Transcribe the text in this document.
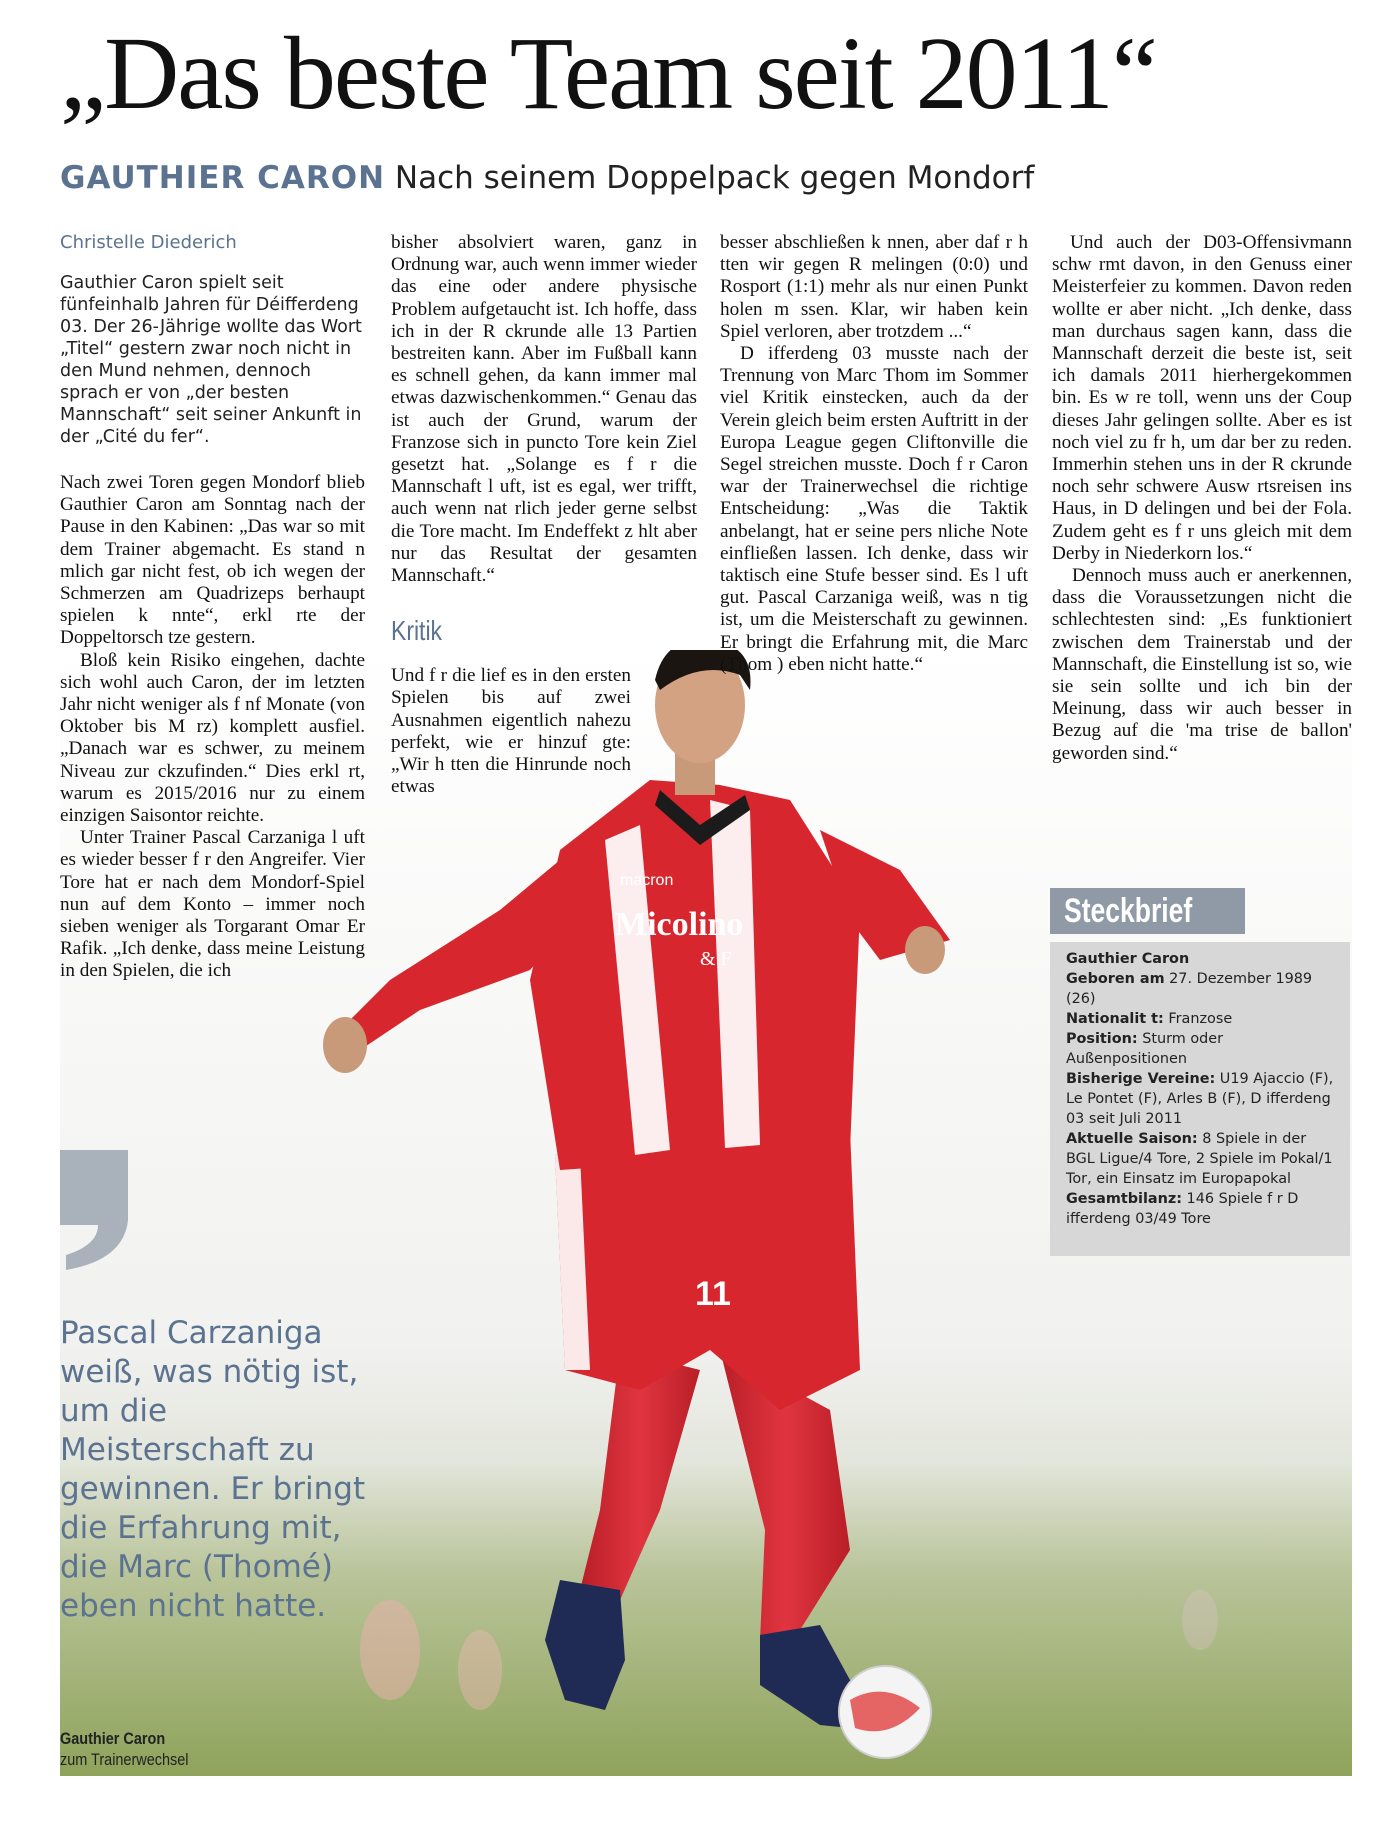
„Das beste Team seit 2011“
GAUTHIER CARON Nach seinem Doppelpack gegen Mondorf
macron
Micolino
& F
11
Christelle Diederich
Gauthier Caron spielt seit fünfeinhalb Jahren für Déifferdeng 03. Der 26-Jährige wollte das Wort „Titel“ gestern zwar noch nicht in den Mund nehmen, dennoch sprach er von „der besten Mannschaft“ seit seiner Ankunft in der „Cité du fer“.

Nach zwei Toren gegen Mondorf blieb Gauthier Caron am Sonntag nach der Pause in den Kabinen: „Das war so mit dem Trainer abgemacht. Es stand n mlich gar nicht fest, ob ich wegen der Schmerzen am Quadrizeps berhaupt spielen k nnte“, erkl rte der Doppeltorsch tze gestern.

Bloß kein Risiko eingehen, dachte sich wohl auch Caron, der im letzten Jahr nicht weniger als f nf Monate (von Oktober bis M rz) komplett ausfiel. „Danach war es schwer, zu meinem Niveau zur ckzufinden.“ Dies erkl rt, warum es 2015/2016 nur zu einem einzigen Saisontor reichte.

Unter Trainer Pascal Carzaniga l uft es wieder besser f r den Angreifer. Vier Tore hat er nach dem Mondorf-Spiel nun auf dem Konto – immer noch sieben weniger als Torgarant Omar Er Rafik. „Ich denke, dass meine Leistung in den Spielen, die ich

bisher absolviert waren, ganz in Ordnung war, auch wenn immer wieder das eine oder andere physische Problem aufgetaucht ist. Ich hoffe, dass ich in der R ckrunde alle 13 Partien bestreiten kann. Aber im Fußball kann es schnell gehen, da kann immer mal etwas dazwischenkommen.“ Genau das ist auch der Grund, warum der Franzose sich in puncto Tore kein Ziel gesetzt hat. „Solange es f r die Mannschaft l uft, ist es egal, wer trifft, auch wenn nat rlich jeder gerne selbst die Tore macht. Im Endeffekt z hlt aber nur das Resultat der gesamten Mannschaft.“

Kritik

Und f r die lief es in den ersten Spielen bis auf zwei Ausnahmen eigentlich nahezu perfekt, wie er hinzuf gte: „Wir h tten die Hinrunde noch etwas

besser abschließen k nnen, aber daf r h tten wir gegen R melingen (0:0) und Rosport (1:1) mehr als nur einen Punkt holen m ssen. Klar, wir haben kein Spiel verloren, aber trotzdem ...“

D ifferdeng 03 musste nach der Trennung von Marc Thom im Sommer viel Kritik einstecken, auch da der Verein gleich beim ersten Auftritt in der Europa League gegen Cliftonville die Segel streichen musste. Doch f r Caron war der Trainerwechsel die richtige Entscheidung: „Was die Taktik anbelangt, hat er seine pers nliche Note einfließen lassen. Ich denke, dass wir taktisch eine Stufe besser sind. Es l uft gut. Pascal Carzaniga weiß, was n tig ist, um die Meisterschaft zu gewinnen. Er bringt die Erfahrung mit, die Marc (Thom ) eben nicht hatte.“

Und auch der D03-Offensivmann schw rmt davon, in den Genuss einer Meisterfeier zu kommen. Davon reden wollte er aber nicht. „Ich denke, dass man durchaus sagen kann, dass die Mannschaft derzeit die beste ist, seit ich damals 2011 hierhergekommen bin. Es w re toll, wenn uns der Coup dieses Jahr gelingen sollte. Aber es ist noch viel zu fr h, um dar ber zu reden. Immerhin stehen uns in der R ckrunde noch sehr schwere Ausw rtsreisen ins Haus, in D delingen und bei der Fola. Zudem geht es f r uns gleich mit dem Derby in Niederkorn los.“

Dennoch muss auch er anerkennen, dass die Voraussetzungen nicht die schlechtesten sind: „Es funktioniert zwischen dem Trainerstab und der Mannschaft, die Einstellung ist so, wie sie sein sollte und ich bin der Meinung, dass wir auch besser in Bezug auf die 'ma trise de ballon' geworden sind.“

Pascal Carzaniga weiß, was nötig ist, um die Meisterschaft zu gewinnen. Er bringt die Erfahrung mit, die Marc (Thomé) eben nicht hatte.
Gauthier Caron
zum Trainerwechsel
Steckbrief

Gauthier Caron

Geboren am 27. Dezember 1989 (26)

Nationalit t: Franzose

Position: Sturm oder Außenpositionen

Bisherige Vereine: U19 Ajaccio (F), Le Pontet (F), Arles B (F), D ifferdeng 03 seit Juli 2011

Aktuelle Saison: 8 Spiele in der BGL Ligue/4 Tore, 2 Spiele im Pokal/1 Tor, ein Einsatz im Europapokal

Gesamtbilanz: 146 Spiele f r D ifferdeng 03/49 Tore
